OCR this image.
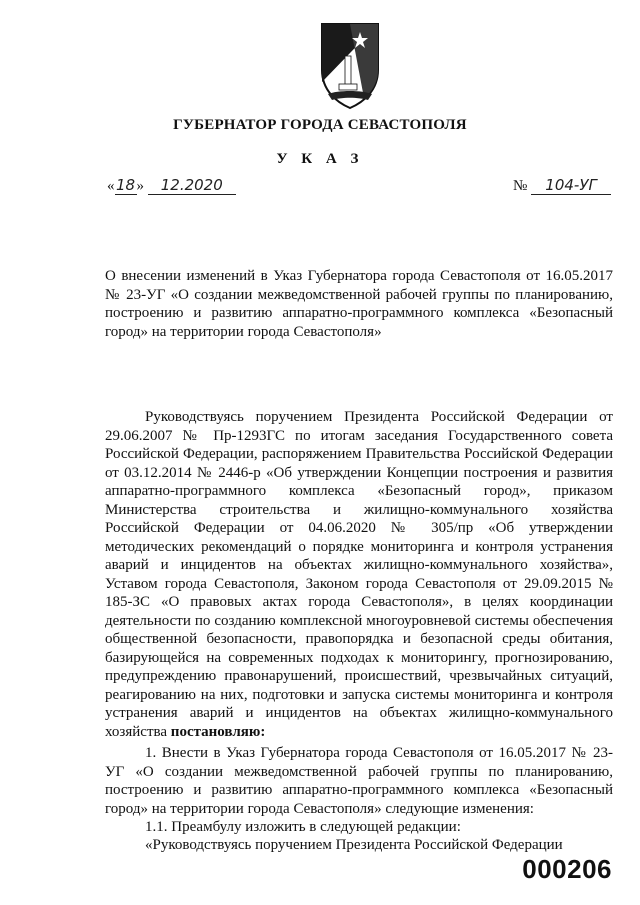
ГУБЕРНАТОР ГОРОДА СЕВАСТОПОЛЯ
У К А З
«18» 12.2020	№ 104-УГ
О внесении изменений в Указ Губернатора города Севастополя от 16.05.2017 № 23-УГ «О создании межведомственной рабочей группы по планированию, построению и развитию аппаратно-программного комплекса «Безопасный город» на территории города Севастополя»
Руководствуясь поручением Президента Российской Федерации от 29.06.2007 № Пр-1293ГС по итогам заседания Государственного совета Российской Федерации, распоряжением Правительства Российской Федерации от 03.12.2014 № 2446-р «Об утверждении Концепции построения и развития аппаратно-программного комплекса «Безопасный город», приказом Министерства строительства и жилищно-коммунального хозяйства Российской Федерации от 04.06.2020 № 305/пр «Об утверждении методических рекомендаций о порядке мониторинга и контроля устранения аварий и инцидентов на объектах жилищно-коммунального хозяйства», Уставом города Севастополя, Законом города Севастополя от 29.09.2015 № 185-ЗС «О правовых актах города Севастополя», в целях координации деятельности по созданию комплексной многоуровневой системы обеспечения общественной безопасности, правопорядка и безопасной среды обитания, базирующейся на современных подходах к мониторингу, прогнозированию, предупреждению правонарушений, происшествий, чрезвычайных ситуаций, реагированию на них, подготовки и запуска системы мониторинга и контроля устранения аварий и инцидентов на объектах жилищно-коммунального хозяйства постановляю:
1. Внести в Указ Губернатора города Севастополя от 16.05.2017 № 23-УГ «О создании межведомственной рабочей группы по планированию, построению и развитию аппаратно-программного комплекса «Безопасный город» на территории города Севастополя» следующие изменения:
1.1. Преамбулу изложить в следующей редакции:
«Руководствуясь поручением Президента Российской Федерации
000206
